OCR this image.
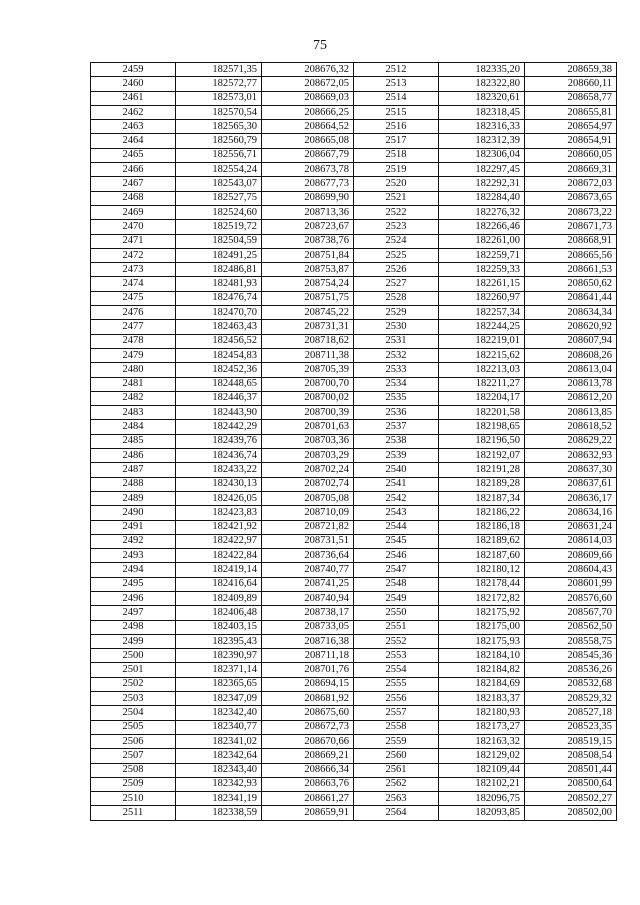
75
2459	182571,35	208676,32	2512	182335,20	208659,38
2460	182572,77	208672,05	2513	182322,80	208660,11
2461	182573,01	208669,03	2514	182320,61	208658,77
2462	182570,54	208666,25	2515	182318,45	208655,81
2463	182565,30	208664,52	2516	182316,33	208654,97
2464	182560,79	208665,08	2517	182312,39	208654,91
2465	182556,71	208667,79	2518	182306,04	208660,05
2466	182554,24	208673,78	2519	182297,45	208669,31
2467	182543,07	208677,73	2520	182292,31	208672,03
2468	182527,75	208699,90	2521	182284,40	208673,65
2469	182524,60	208713,36	2522	182276,32	208673,22
2470	182519,72	208723,67	2523	182266,46	208671,73
2471	182504,59	208738,76	2524	182261,00	208668,91
2472	182491,25	208751,84	2525	182259,71	208665,56
2473	182486,81	208753,87	2526	182259,33	208661,53
2474	182481,93	208754,24	2527	182261,15	208650,62
2475	182476,74	208751,75	2528	182260,97	208641,44
2476	182470,70	208745,22	2529	182257,34	208634,34
2477	182463,43	208731,31	2530	182244,25	208620,92
2478	182456,52	208718,62	2531	182219,01	208607,94
2479	182454,83	208711,38	2532	182215,62	208608,26
2480	182452,36	208705,39	2533	182213,03	208613,04
2481	182448,65	208700,70	2534	182211,27	208613,78
2482	182446,37	208700,02	2535	182204,17	208612,20
2483	182443,90	208700,39	2536	182201,58	208613,85
2484	182442,29	208701,63	2537	182198,65	208618,52
2485	182439,76	208703,36	2538	182196,50	208629,22
2486	182436,74	208703,29	2539	182192,07	208632,93
2487	182433,22	208702,24	2540	182191,28	208637,30
2488	182430,13	208702,74	2541	182189,28	208637,61
2489	182426,05	208705,08	2542	182187,34	208636,17
2490	182423,83	208710,09	2543	182186,22	208634,16
2491	182421,92	208721,82	2544	182186,18	208631,24
2492	182422,97	208731,51	2545	182189,62	208614,03
2493	182422,84	208736,64	2546	182187,60	208609,66
2494	182419,14	208740,77	2547	182180,12	208604,43
2495	182416,64	208741,25	2548	182178,44	208601,99
2496	182409,89	208740,94	2549	182172,82	208576,60
2497	182406,48	208738,17	2550	182175,92	208567,70
2498	182403,15	208733,05	2551	182175,00	208562,50
2499	182395,43	208716,38	2552	182175,93	208558,75
2500	182390,97	208711,18	2553	182184,10	208545,36
2501	182371,14	208701,76	2554	182184,82	208536,26
2502	182365,65	208694,15	2555	182184,69	208532,68
2503	182347,09	208681,92	2556	182183,37	208529,32
2504	182342,40	208675,60	2557	182180,93	208527,18
2505	182340,77	208672,73	2558	182173,27	208523,35
2506	182341,02	208670,66	2559	182163,32	208519,15
2507	182342,64	208669,21	2560	182129,02	208508,54
2508	182343,40	208666,34	2561	182109,44	208501,44
2509	182342,93	208663,76	2562	182102,21	208500,64
2510	182341,19	208661,27	2563	182096,75	208502,27
2511	182338,59	208659,91	2564	182093,85	208502,00
